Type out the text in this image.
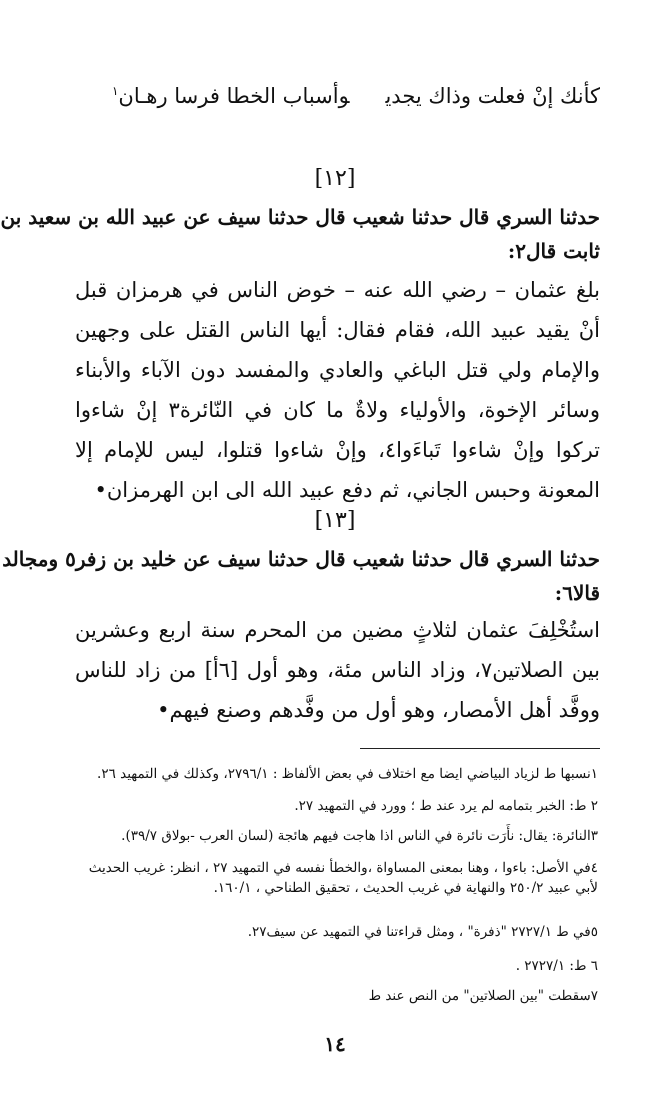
كأنك إنْ فعلت وذاك يجديوأسباب الخطا فرسا رهـان$^١$
[١٢]
حدثنا السري قال حدثنا شعيب قال حدثنا سيف عن عبيد الله بن سعيد بن
ثابت قال٢:
بلغ عثمان – رضي الله عنه – خوض الناس في هرمزان قبل أنْ يقيد عبيد الله، فقام فقال: أيها الناس القتل على وجهين والإمام ولي قتل الباغي والعادي والمفسد دون الآباء والأبناء وسائر الإخوة، والأولياء ولاةٌ ما كان في النّائرة٣ إنْ شاءوا تركوا وإنْ شاءوا تَباءَوا٤، وإنْ شاءوا قتلوا، ليس للإمام إلا المعونة وحبس الجاني، ثم دفع عبيد الله الى ابن الهرمزان•
[١٣]
حدثنا السري قال حدثنا شعيب قال حدثنا سيف عن خليد بن زفر٥ ومجالد
قالا٦:
استُخْلِفَ عثمان لثلاثٍ مضين من المحرم سنة اربع وعشرين بين الصلاتين٧، وزاد الناس مئة، وهو أول [٦أ] من زاد للناس ووفَّد أهل الأمصار، وهو أول من وفَّدهم وصنع فيهم•
١نسبها ط لزياد البياضي ايضا مع اختلاف في بعض الألفاظ : ٢٧٩٦/١، وكذلك في التمهيد ٢٦.
٢ ط: الخبر بتمامه لم يرد عند ط ؛ وورد في التمهيد ٢٧.
٣النائرة: يقال: نأَرَت نائرة في الناس اذا هاجت فيهم هائجة (لسان العرب -بولاق ٣٩/٧).
٤في الأصل: باءوا ، وهنا بمعنى المساواة ،والخطأ نفسه في التمهيد ٢٧ ، انظر: غريب الحديث لأبي عبيد ٢٥٠/٢ والنهاية في غريب الحديث ، تحقيق الطناحي ، ١٦٠/١.
٥في ط ٢٧٢٧/١ "ذفرة" ، ومثل قراءتنا في التمهيد عن سيف٢٧.
٦ ط: ٢٧٢٧/١ .
٧سقطت "بين الصلاتين" من النص عند ط
١٤
